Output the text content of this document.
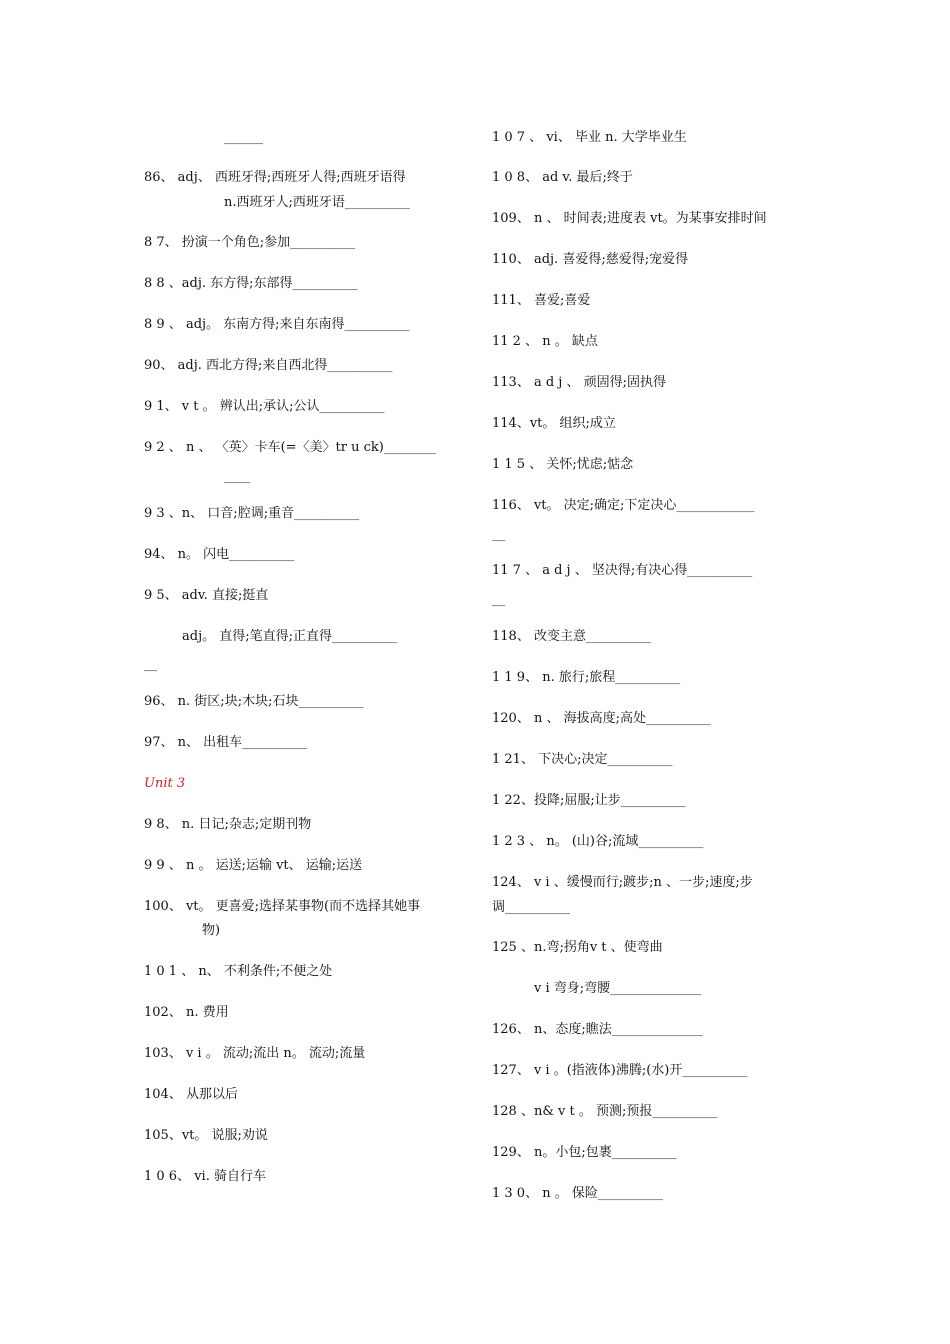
______
86、 adj、 西班牙得;西班牙人得;西班牙语得
n.西班牙人;西班牙语__________
8 7、 扮演一个角色;参加__________
8 8 、adj. 东方得;东部得__________
8 9 、 adj。 东南方得;来自东南得__________
90、 adj. 西北方得;来自西北得__________
9 1、 v t 。 辨认出;承认;公认__________
9 2 、 n 、 〈英〉卡车(=〈美〉tr u ck)________
____
9 3 、n、 口音;腔调;重音__________
94、 n。 闪电__________
9 5、 adv. 直接;挺直
adj。 直得;笔直得;正直得__________
__
96、 n. 街区;块;木块;石块__________
97、 n、 出租车__________
Unit 3
9 8、 n. 日记;杂志;定期刊物
9 9 、 n 。 运送;运输 vt、 运输;运送
100、 vt。 更喜爱;选择某事物(而不选择其她事
物)
1 0 1 、 n、 不利条件;不便之处
102、 n. 费用
103、 v i 。 流动;流出 n。 流动;流量
104、 从那以后
105、vt。 说服;劝说
1 0 6、 vi. 骑自行车
1 0 7 、 vi、 毕业 n. 大学毕业生
1 0 8、 ad v. 最后;终于
109、 n 、 时间表;进度表 vt。为某事安排时间
110、 adj. 喜爱得;慈爱得;宠爱得
111、 喜爱;喜爱
11 2 、 n 。 缺点
113、 a d j 、 顽固得;固执得
114、vt。 组织;成立
1 1 5 、 关怀;忧虑;惦念
116、 vt。 决定;确定;下定决心____________
__
11 7 、 a d j 、 坚决得;有决心得__________
__
118、 改变主意__________
1 1 9、 n. 旅行;旅程__________
120、 n 、 海拔高度;高处__________
1 21、 下决心;决定__________
1 22、投降;屈服;让步__________
1 2 3 、 n。 (山)谷;流域__________
124、 v i 、缓慢而行;踱步;n 、一步;速度;步
调__________
125 、n.弯;拐角v t 、使弯曲
v i 弯身;弯腰______________
126、 n、态度;瞧法______________
127、 v i 。(指液体)沸腾;(水)开__________
128 、n& v t 。 预测;预报__________
129、 n。小包;包裹__________
1 3 0、 n 。 保险__________
